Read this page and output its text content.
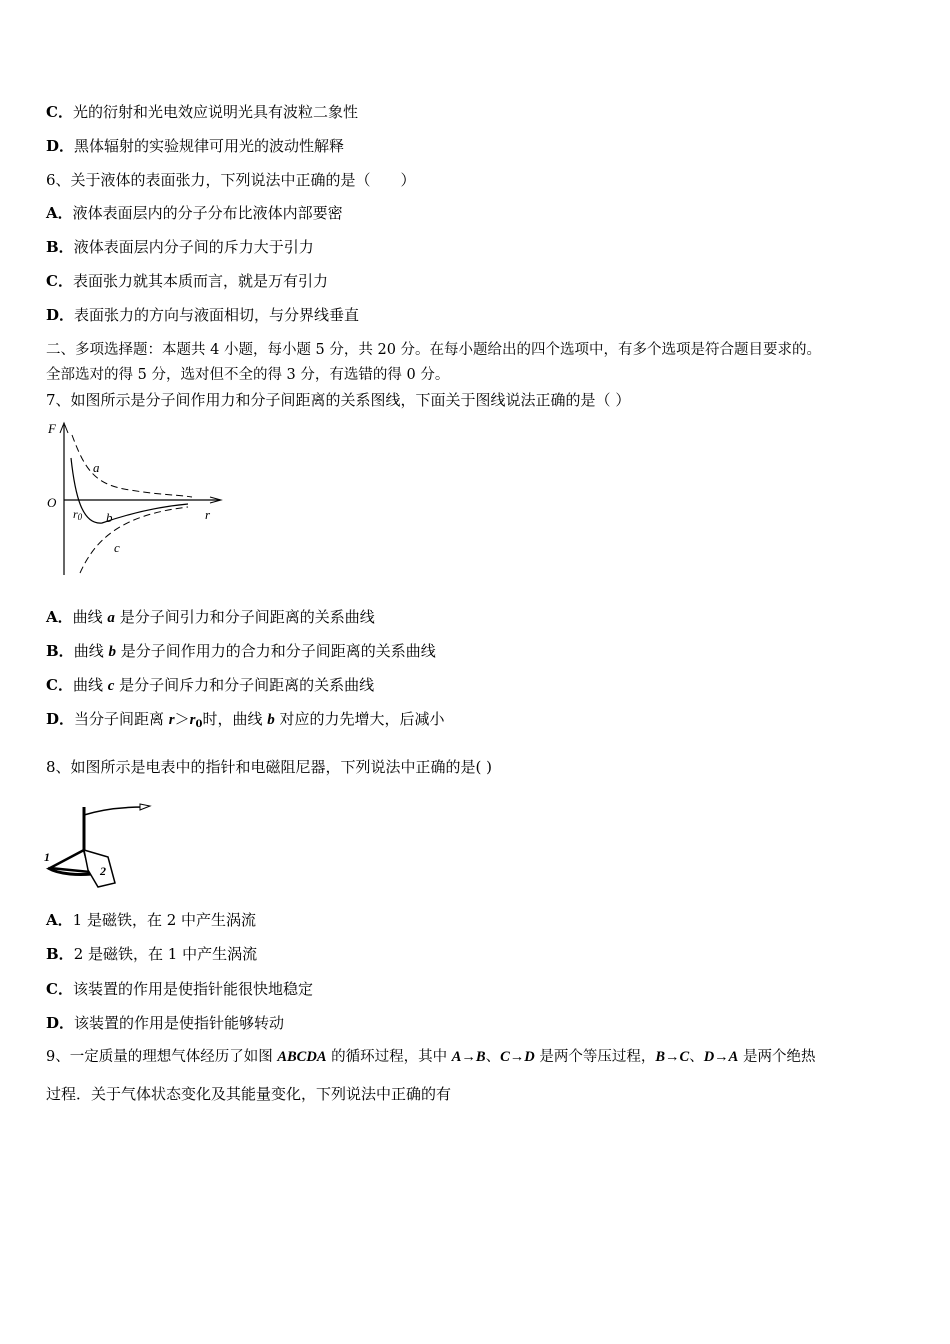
C．光的衍射和光电效应说明光具有波粒二象性
D．黑体辐射的实验规律可用光的波动性解释
6、关于液体的表面张力，下列说法中正确的是（　　）
A．液体表面层内的分子分布比液体内部要密
B．液体表面层内分子间的斥力大于引力
C．表面张力就其本质而言，就是万有引力
D．表面张力的方向与液面相切，与分界线垂直
二、多项选择题：本题共 4 小题，每小题 5 分，共 20 分。在每小题给出的四个选项中，有多个选项是符合题目要求的。
全部选对的得 5 分，选对但不全的得 3 分，有选错的得 0 分。
7、如图所示是分子间作用力和分子间距离的关系图线，下面关于图线说法正确的是（ ）
F
O
r
r0
a
b
c
A．曲线 a 是分子间引力和分子间距离的关系曲线
B．曲线 b 是分子间作用力的合力和分子间距离的关系曲线
C．曲线 c 是分子间斥力和分子间距离的关系曲线
D．当分子间距离 $r>r_0$时，曲线 b 对应的力先增大，后减小
8、如图所示是电表中的指针和电磁阻尼器，下列说法中正确的是( )
1
2
A．1 是磁铁，在 2 中产生涡流
B．2 是磁铁，在 1 中产生涡流
C．该装置的作用是使指针能很快地稳定
D．该装置的作用是使指针能够转动
9、一定质量的理想气体经历了如图 ABCDA 的循环过程，其中 A→B、C→D 是两个等压过程，B→C、D→A 是两个绝热
过程．关于气体状态变化及其能量变化，下列说法中正确的有
